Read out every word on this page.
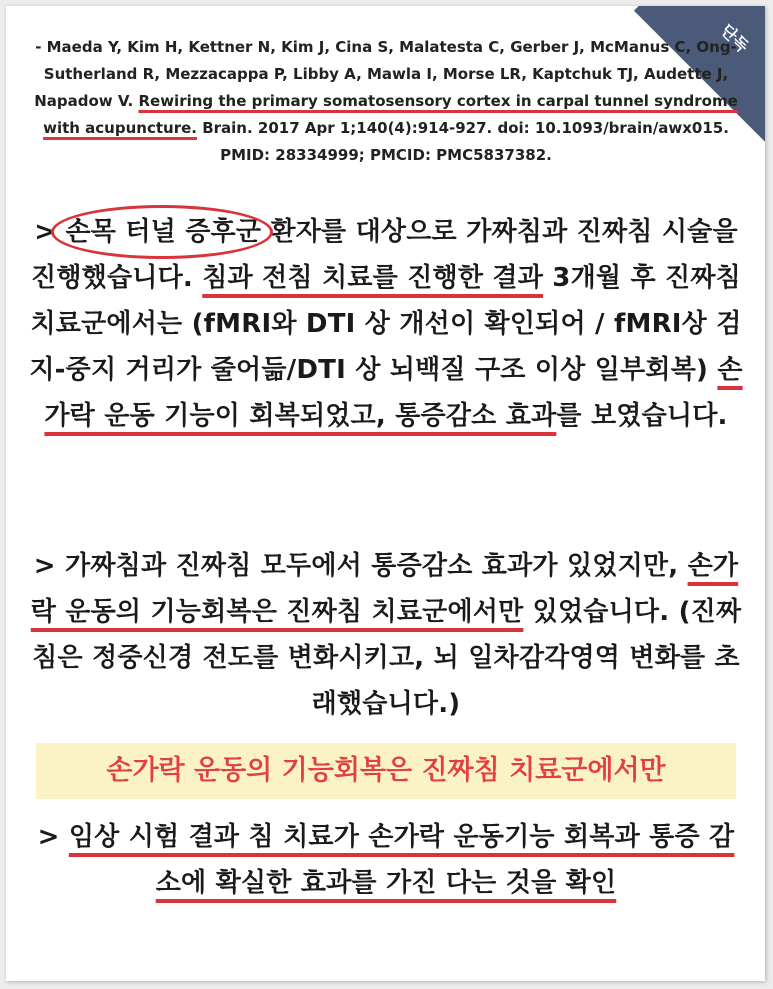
단독
- Maeda Y, Kim H, Kettner N, Kim J, Cina S, Malatesta C, Gerber J, McManus C, Ong-Sutherland R, Mezzacappa P, Libby A, Mawla I, Morse LR, Kaptchuk TJ, Audette J, Napadow V. Rewiring the primary somatosensory cortex in carpal tunnel syndrome with acupuncture. Brain. 2017 Apr 1;140(4):914-927. doi: 10.1093/brain/awx015. PMID: 28334999; PMCID: PMC5837382.
> 손목 터널 증후군 환자를 대상으로 가짜침과 진짜침 시술을 진행했습니다. 침과 전침 치료를 진행한 결과 3개월 후 진짜침 치료군에서는 (fMRI와 DTI 상 개선이 확인되어 / fMRI상 검지-중지 거리가 줄어듦/DTI 상 뇌백질 구조 이상 일부회복) 손가락 운동 기능이 회복되었고, 통증감소 효과를 보였습니다.
> 가짜침과 진짜침 모두에서 통증감소 효과가 있었지만, 손가락 운동의 기능회복은 진짜침 치료군에서만 있었습니다. (진짜침은 정중신경 전도를 변화시키고, 뇌 일차감각영역 변화를 초래했습니다.)
손가락 운동의 기능회복은 진짜침 치료군에서만
> 임상 시험 결과 침 치료가 손가락 운동기능 회복과 통증 감소에 확실한 효과를 가진 다는 것을 확인
